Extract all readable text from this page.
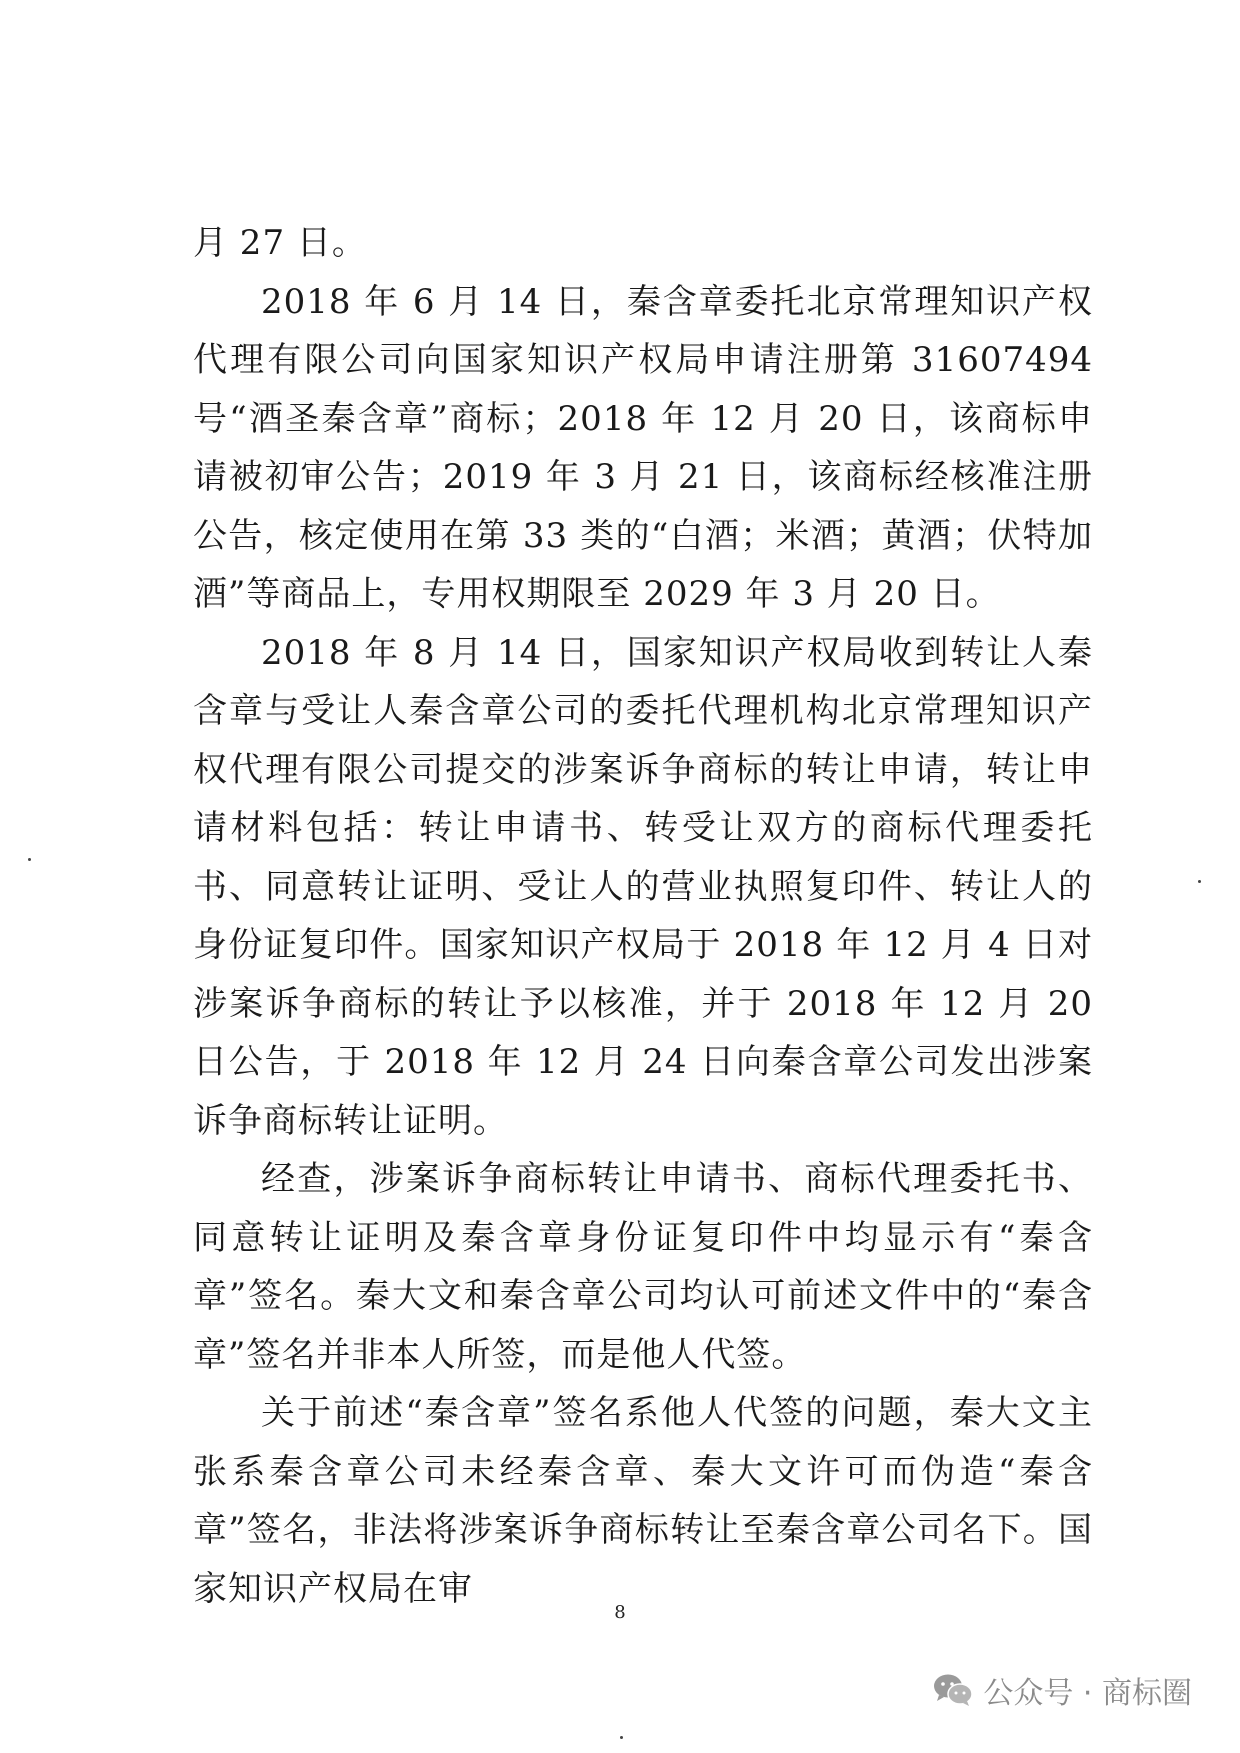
月 27 日。

2018 年 6 月 14 日，秦含章委托北京常理知识产权代理有限公司向国家知识产权局申请注册第 31607494 号“酒圣秦含章”商标；2018 年 12 月 20 日，该商标申请被初审公告；2019 年 3 月 21 日，该商标经核准注册公告，核定使用在第 33 类的“白酒；米酒；黄酒；伏特加酒”等商品上，专用权期限至 2029 年 3 月 20 日。

2018 年 8 月 14 日，国家知识产权局收到转让人秦含章与受让人秦含章公司的委托代理机构北京常理知识产权代理有限公司提交的涉案诉争商标的转让申请，转让申请材料包括：转让申请书、转受让双方的商标代理委托书、同意转让证明、受让人的营业执照复印件、转让人的身份证复印件。国家知识产权局于 2018 年 12 月 4 日对涉案诉争商标的转让予以核准，并于 2018 年 12 月 20 日公告，于 2018 年 12 月 24 日向秦含章公司发出涉案诉争商标转让证明。

经查，涉案诉争商标转让申请书、商标代理委托书、同意转让证明及秦含章身份证复印件中均显示有“秦含章”签名。秦大文和秦含章公司均认可前述文件中的“秦含章”签名并非本人所签，而是他人代签。

关于前述“秦含章”签名系他人代签的问题，秦大文主张系秦含章公司未经秦含章、秦大文许可而伪造“秦含章”签名，非法将涉案诉争商标转让至秦含章公司名下。国家知识产权局在审

8
公众号 · 商标圈
